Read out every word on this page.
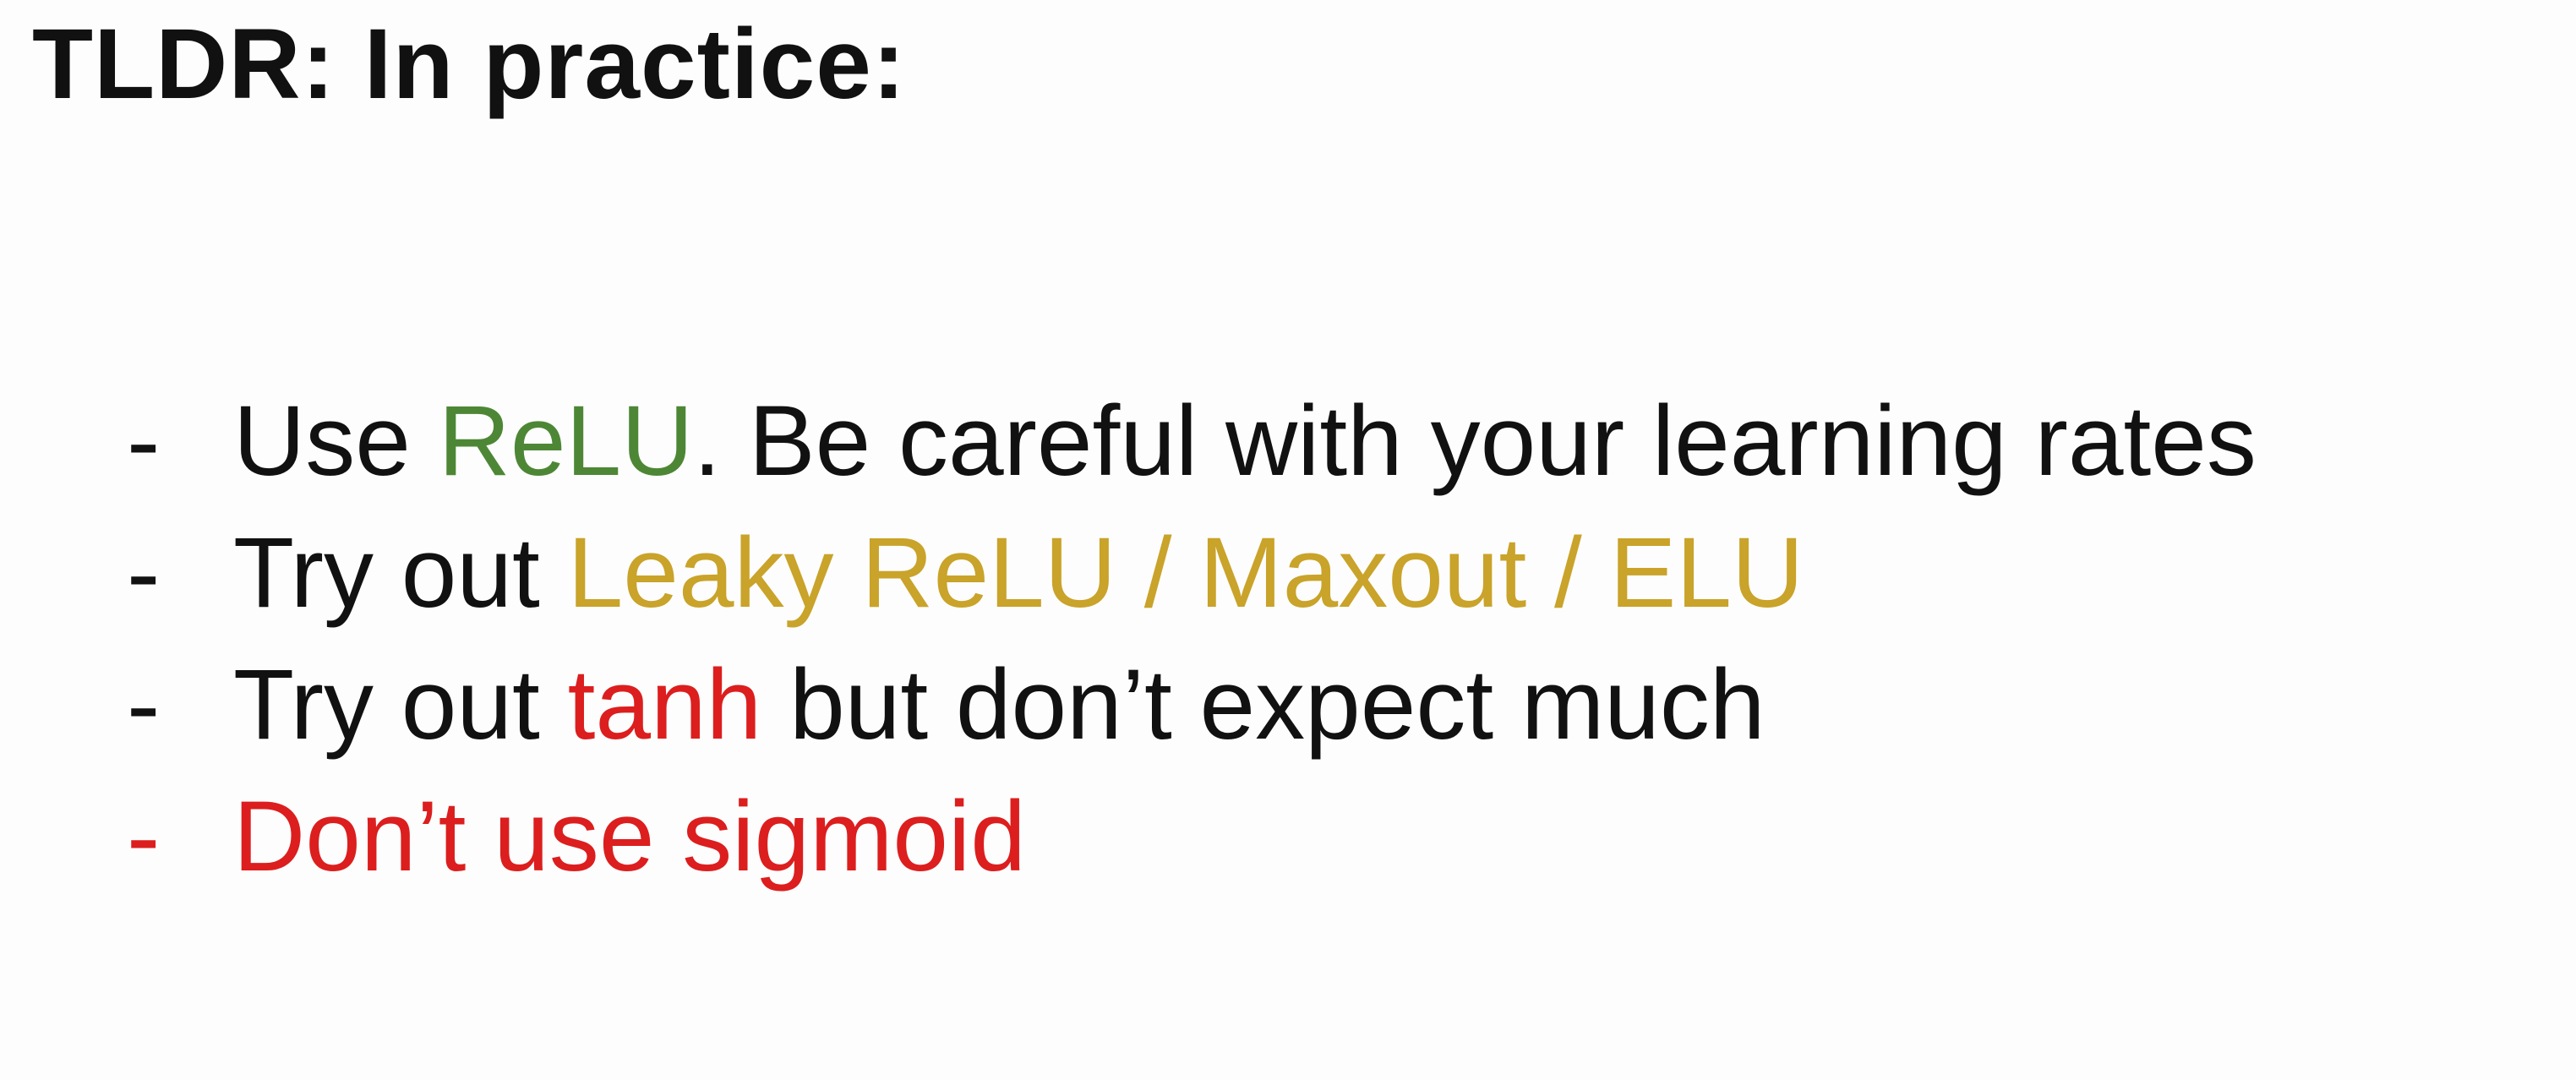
TLDR: In practice:
- Use ReLU. Be careful with your learning rates
- Try out Leaky ReLU / Maxout / ELU
- Try out tanh but don’t expect much
- Don’t use sigmoid
